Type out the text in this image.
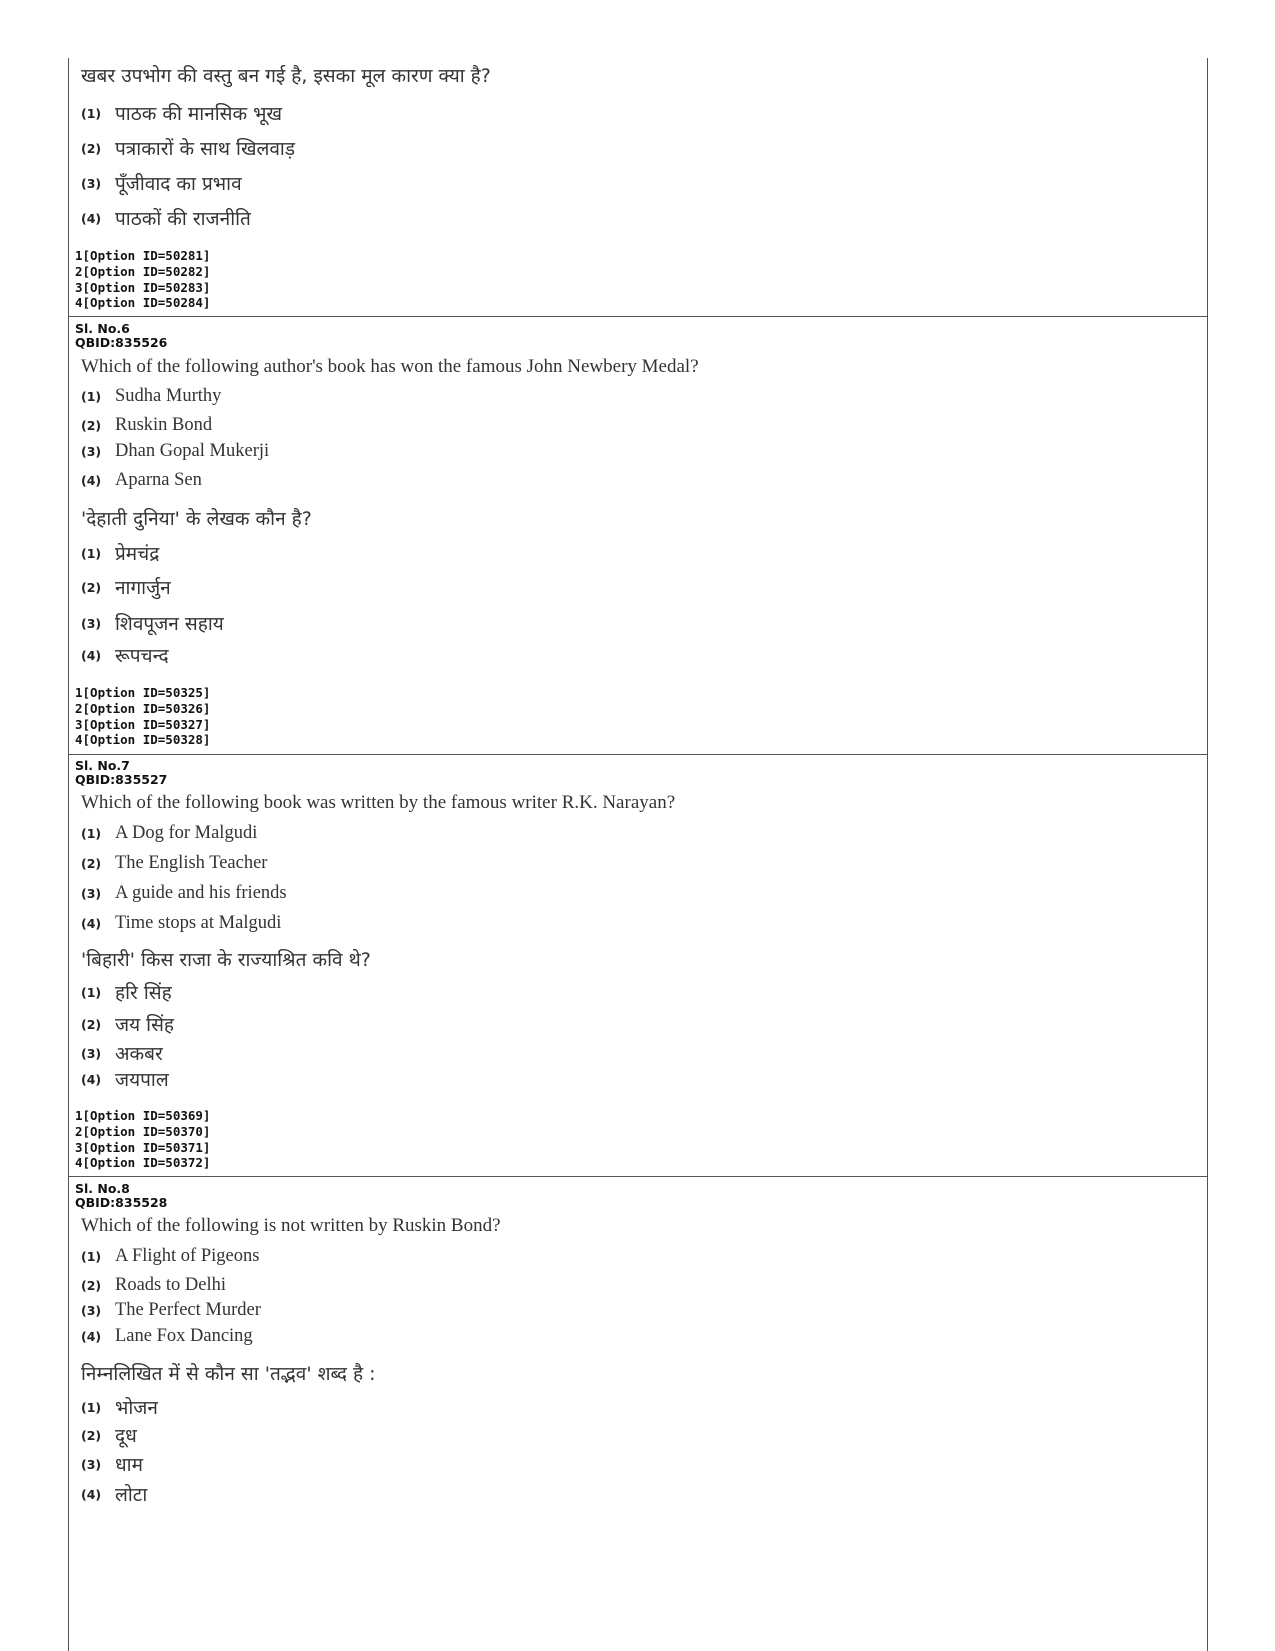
खबर उपभोग की वस्तु बन गई है, इसका मूल कारण क्या है?
(1) पाठक की मानसिक भूख
(2) पत्राकारों के साथ खिलवाड़
(3) पूँजीवाद का प्रभाव
(4) पाठकों की राजनीति
1[Option ID=50281]
2[Option ID=50282]
3[Option ID=50283]
4[Option ID=50284]
Sl. No.6
QBID:835526
Which of the following author's book has won the famous John Newbery Medal?
(1) Sudha Murthy
(2) Ruskin Bond
(3) Dhan Gopal Mukerji
(4) Aparna Sen
'देहाती दुनिया' के लेखक कौन है?
(1) प्रेमचंद्र
(2) नागार्जुन
(3) शिवपूजन सहाय
(4) रूपचन्द
1[Option ID=50325]
2[Option ID=50326]
3[Option ID=50327]
4[Option ID=50328]
Sl. No.7
QBID:835527
Which of the following book was written by the famous writer R.K. Narayan?
(1) A Dog for Malgudi
(2) The English Teacher
(3) A guide and his friends
(4) Time stops at Malgudi
'बिहारी' किस राजा के राज्याश्रित कवि थे?
(1) हरि सिंह
(2) जय सिंह
(3) अकबर
(4) जयपाल
1[Option ID=50369]
2[Option ID=50370]
3[Option ID=50371]
4[Option ID=50372]
Sl. No.8
QBID:835528
Which of the following is not written by Ruskin Bond?
(1) A Flight of Pigeons
(2) Roads to Delhi
(3) The Perfect Murder
(4) Lane Fox Dancing
निम्नलिखित में से कौन सा 'तद्भव' शब्द है :
(1) भोजन
(2) दूध
(3) धाम
(4) लोटा
